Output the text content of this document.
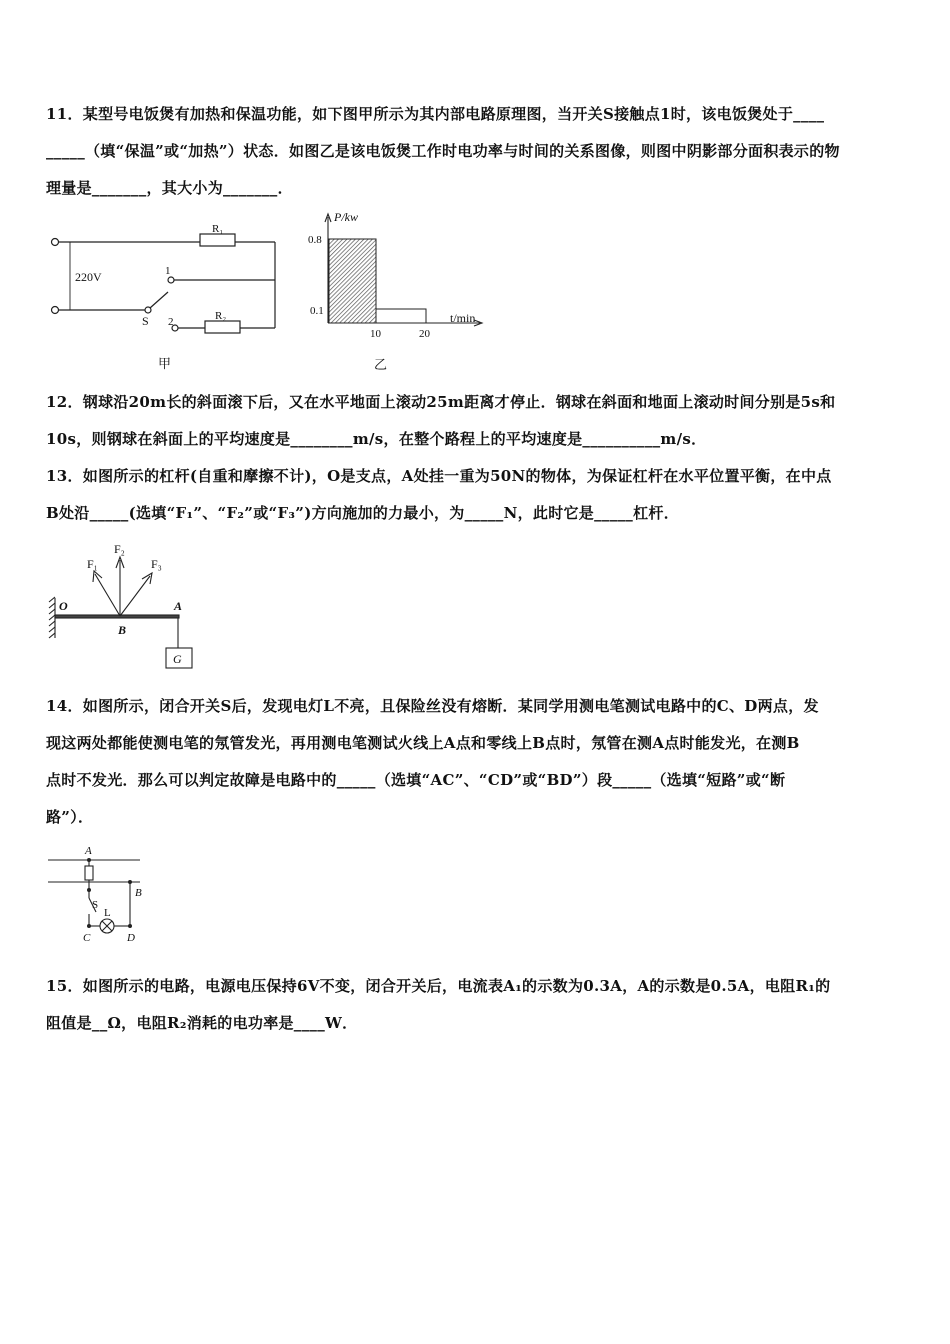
11．某型号电饭煲有加热和保温功能，如下图甲所示为其内部电路原理图，当开关S接触点1时，该电饭煲处于____
_____（填“保温”或“加热”）状态．如图乙是该电饭煲工作时电功率与时间的关系图像，则图中阴影部分面积表示的物
理量是_______，其大小为_______．
220V
R₁
R₂
S
1
2
甲
P/kw
t/min
0.8
0.1
10	20
乙
12．钢球沿20m长的斜面滚下后，又在水平地面上滚动25m距离才停止．钢球在斜面和地面上滚动时间分别是5s和
10s，则钢球在斜面上的平均速度是________m/s，在整个路程上的平均速度是__________m/s．
13．如图所示的杠杆(自重和摩擦不计)，O是支点，A处挂一重为50N的物体，为保证杠杆在水平位置平衡，在中点
B处沿_____(选填“F₁”、“F₂”或“F₃”)方向施加的力最小，为_____N，此时它是_____杠杆．
O	A
B
G
F₁
F₂
F₃
14．如图所示，闭合开关S后，发现电灯L不亮，且保险丝没有熔断．某同学用测电笔测试电路中的C、D两点，发
现这两处都能使测电笔的氖管发光，再用测电笔测试火线上A点和零线上B点时，氖管在测A点时能发光，在测B
点时不发光．那么可以判定故障是电路中的_____（选填“AC”、“CD”或“BD”）段_____（选填“短路”或“断
路”）．
A
B
C	D
S
L
15．如图所示的电路，电源电压保持6V不变，闭合开关后，电流表A₁的示数为0.3A，A的示数是0.5A，电阻R₁的
阻值是__Ω，电阻R₂消耗的电功率是____W．
